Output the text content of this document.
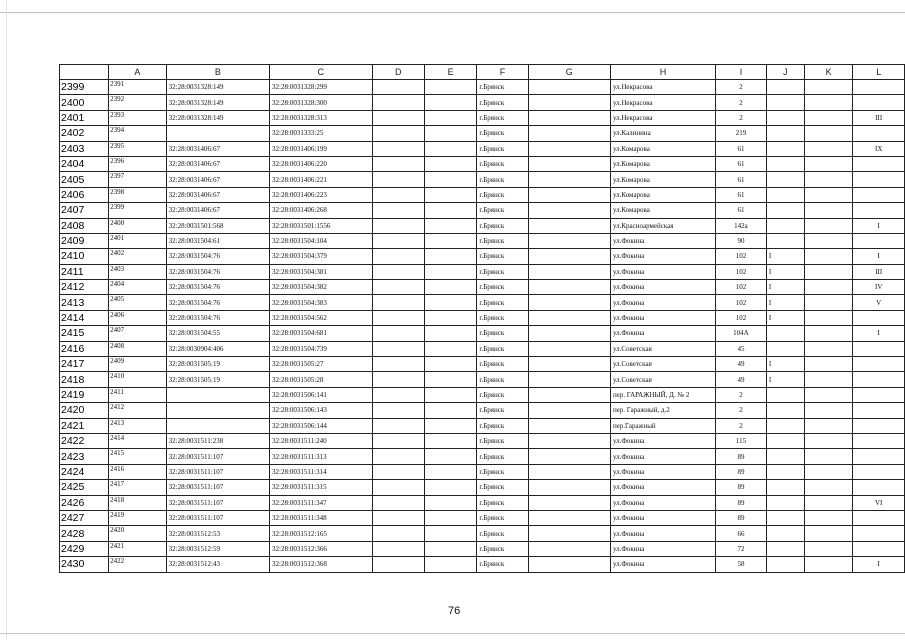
	A	B	C	D	E	F	G	H	I	J	K	L
2399	2391	32:28:0031328:149	32:28:0031328:299			г.Брянск		ул.Некрасова	2			
2400	2392	32:28:0031328:149	32:28:0031328:300			г.Брянск		ул.Некрасова	2			
2401	2393	32:28:0031328:149	32:28:0031328:313			г.Брянск		ул.Некрасова	2			III
2402	2394		32:28:0031333:25			г.Брянск		ул.Калинина	219			
2403	2395	32:28:0031406:67	32:28:0031406:199			г.Брянск		ул.Комарова	61			IX
2404	2396	32:28:0031406:67	32:28:0031406:220			г.Брянск		ул.Комарова	61			
2405	2397	32:28:0031406:67	32:28:0031406:221			г.Брянск		ул.Комарова	61			
2406	2398	32:28:0031406:67	32:28:0031406:223			г.Брянск		ул.Комарова	61			
2407	2399	32:28:0031406:67	32:28:0031406:268			г.Брянск		ул.Комарова	61			
2408	2400	32:28:0031501:568	32:28:0031501:1556			г.Брянск		ул.Красноармейская	142а			I
2409	2401	32:28:0031504:61	32:28:0031504:104			г.Брянск		ул.Фокина	90			
2410	2402	32:28:0031504:76	32:28:0031504:379			г.Брянск		ул.Фокина	102	I		I
2411	2403	32:28:0031504:76	32:28:0031504:381			г.Брянск		ул.Фокина	102	I		III
2412	2404	32:28:0031504:76	32:28:0031504:382			г.Брянск		ул.Фокина	102	I		IV
2413	2405	32:28:0031504:76	32:28:0031504:383			г.Брянск		ул.Фокина	102	I		V
2414	2406	32:28:0031504:76	32:28:0031504:562			г.Брянск		ул.Фокина	102	I		
2415	2407	32:28:0031504:55	32:28:0031504:681			г.Брянск		ул.Фокина	104А			I
2416	2408	32:28:0030904:406	32:28:0031504:739			г.Брянск		ул.Советская	45			
2417	2409	32:28:0031505:19	32:28:0031505:27			г.Брянск		ул.Советская	49	I		
2418	2410	32:28:0031505:19	32:28:0031505:28			г.Брянск		ул.Советская	49	I		
2419	2411		32:28:0031506:141			г.Брянск		пер. ГАРАЖНЫЙ, Д. № 2	2			
2420	2412		32:28:0031506:143			г.Брянск		пер. Гаражный, д.2	2			
2421	2413		32:28:0031506:144			г.Брянск		пер.Гаражный	2			
2422	2414	32:28:0031511:238	32:28:0031511:240			г.Брянск		ул.Фокина	115			
2423	2415	32:28:0031511:107	32:28:0031511:313			г.Брянск		ул.Фокина	89			
2424	2416	32:28:0031511:107	32:28:0031511:314			г.Брянск		ул.Фокина	89			
2425	2417	32:28:0031511:107	32:28:0031511:315			г.Брянск		ул.Фокина	89			
2426	2418	32:28:0031511:107	32:28:0031511:347			г.Брянск		ул.Фокина	89			VI
2427	2419	32:28:0031511:107	32:28:0031511:348			г.Брянск		ул.Фокина	89			
2428	2420	32:28:0031512:53	32:28:0031512:165			г.Брянск		ул.Фокина	66			
2429	2421	32:28:0031512:59	32:28:0031512:366			г.Брянск		ул.Фокина	72			
2430	2422	32:28:0031512:43	32:28:0031512:368			г.Брянск		ул.Фокина	58			I
76
